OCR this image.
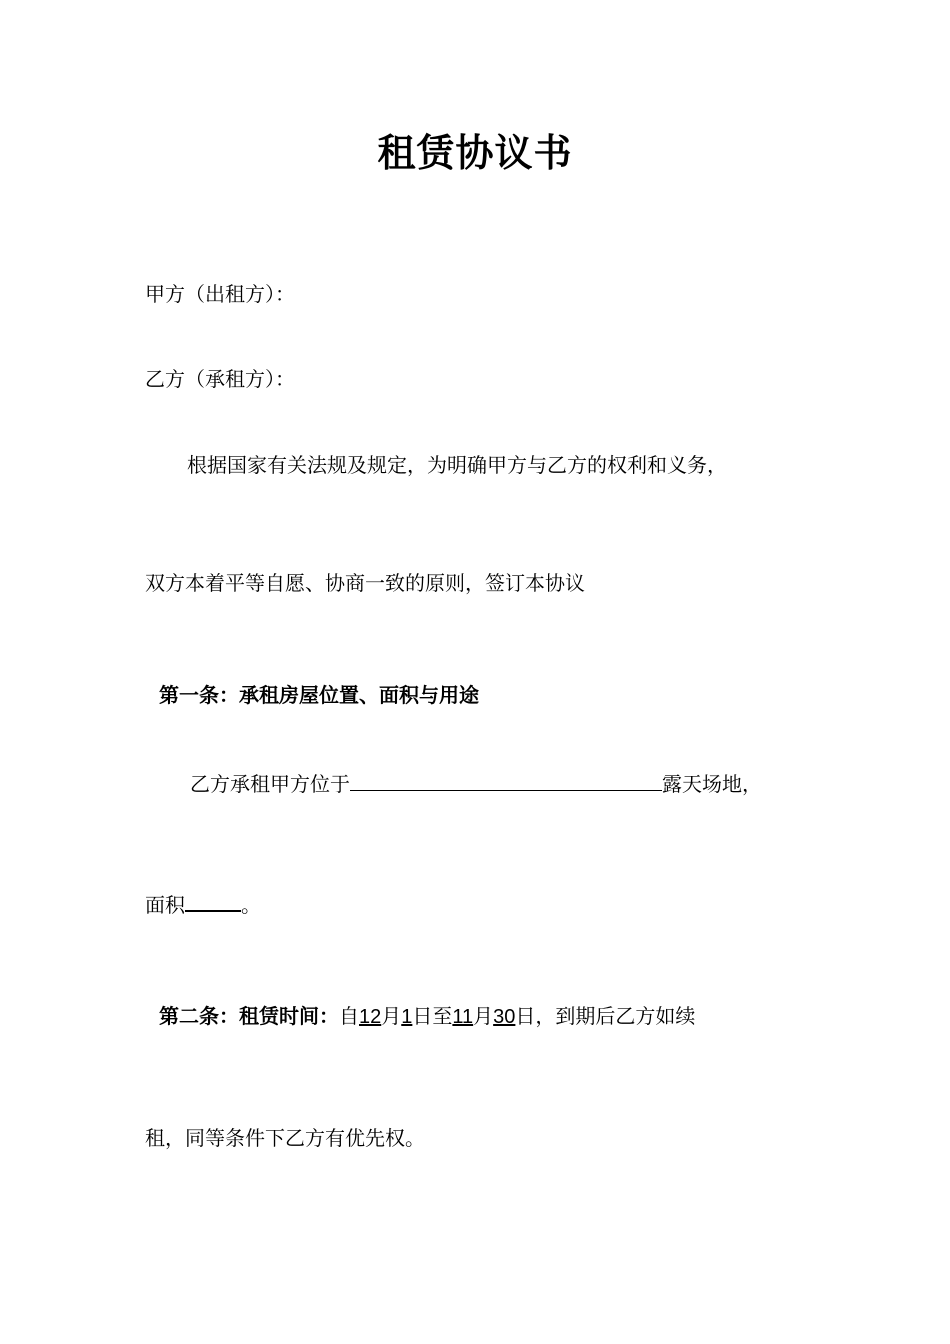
租赁协议书
甲方（出租方）：
乙方（承租方）：
根据国家有关法规及规定，为明确甲方与乙方的权利和义务，
双方本着平等自愿、协商一致的原则，签订本协议
第一条：承租房屋位置、面积与用途
乙方承租甲方位于	露天场地，
面积	。
第二条：租赁时间：自12月1日至11月30日，到期后乙方如续
租，同等条件下乙方有优先权。
